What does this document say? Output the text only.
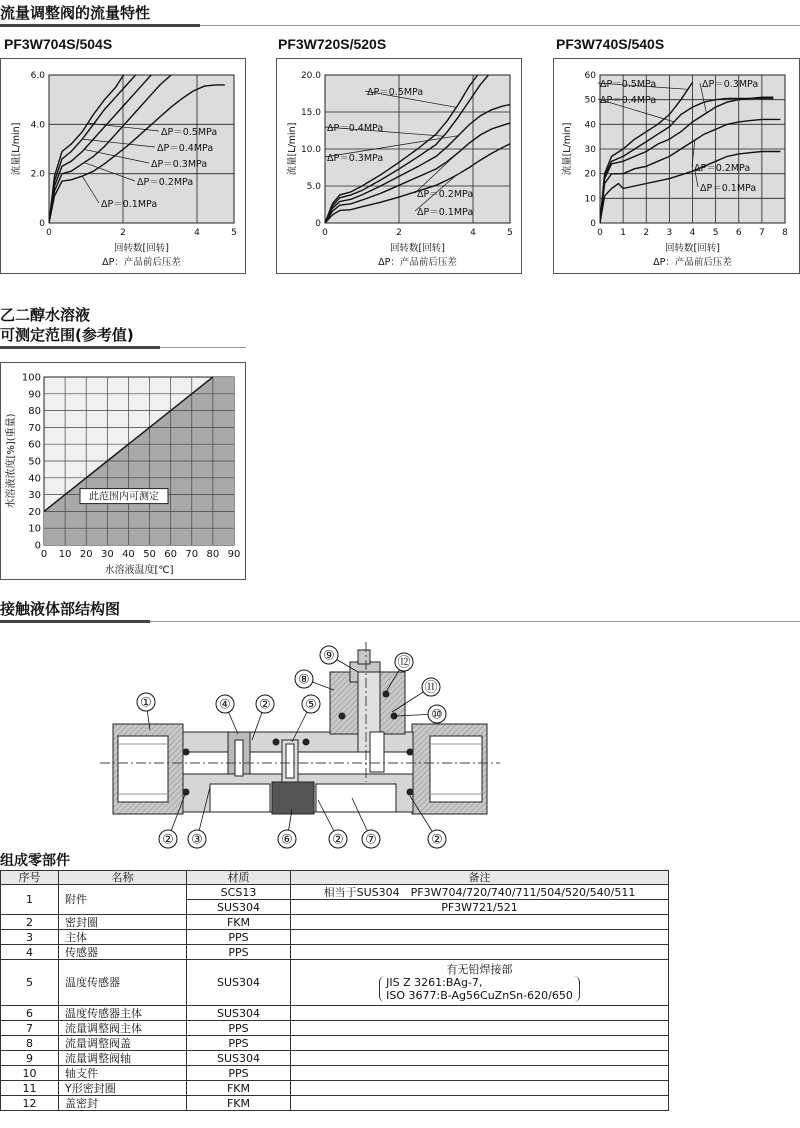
流量调整阀的流量特性
PF3W704S/504S	PF3W720S/520S	PF3W740S/540S
0	2	4	5
0
2.0
4.0
6.0
ΔP＝0.5MPa
ΔP＝0.4MPa
ΔP＝0.3MPa
ΔP＝0.2MPa
ΔP＝0.1MPa
回转数[回转]
ΔP：产品前后压差
流量[L/min]
0	2	4	5
0
5.0
10.0
15.0
20.0
ΔP＝0.5MPa
ΔP＝0.4MPa
ΔP＝0.3MPa
ΔP＝0.2MPa
ΔP＝0.1MPa
回转数[回转]
ΔP：产品前后压差
流量[L/min]
0 1 2 3 4 5 6 7 8
0
10
20
30
40
50
60
ΔP＝0.5MPa
ΔP＝0.4MPa
ΔP＝0.3MPa
ΔP＝0.2MPa
ΔP＝0.1MPa
回转数[回转]
ΔP：产品前后压差
流量[L/min]
乙二醇水溶液
可测定范围(参考值)
0 10 20 30 40 50 60 70 80 90
0
10
20
30
40
50
60
70
80
90
100
此范围内可测定
水溶液温度[℃]
水溶液浓度[%](重量)
接触液体部结构图
①	②
② ③
④	⑤
⑥	② ⑦	②
⑧
⑨
⑩
⑪
⑫
组成零部件
序号	名称	材质	备注
1	附件	SCS13	相当于SUS304　PF3W704/720/740/711/504/520/540/511
		SUS304	PF3W721/521
2	密封圈	FKM	
3	主体	PPS	
4	传感器	PPS	
5	温度传感器	SUS304	有无铅焊接部
JIS Z 3261:BAg-7,
ISO 3677:B-Ag56CuZnSn-620/650

6	温度传感器主体	SUS304	
7	流量调整阀主体	PPS	
8	流量调整阀盖	PPS	
9	流量调整阀轴	SUS304	
10	轴支件	PPS	
11	Y形密封圈	FKM	
12	盖密封	FKM	
